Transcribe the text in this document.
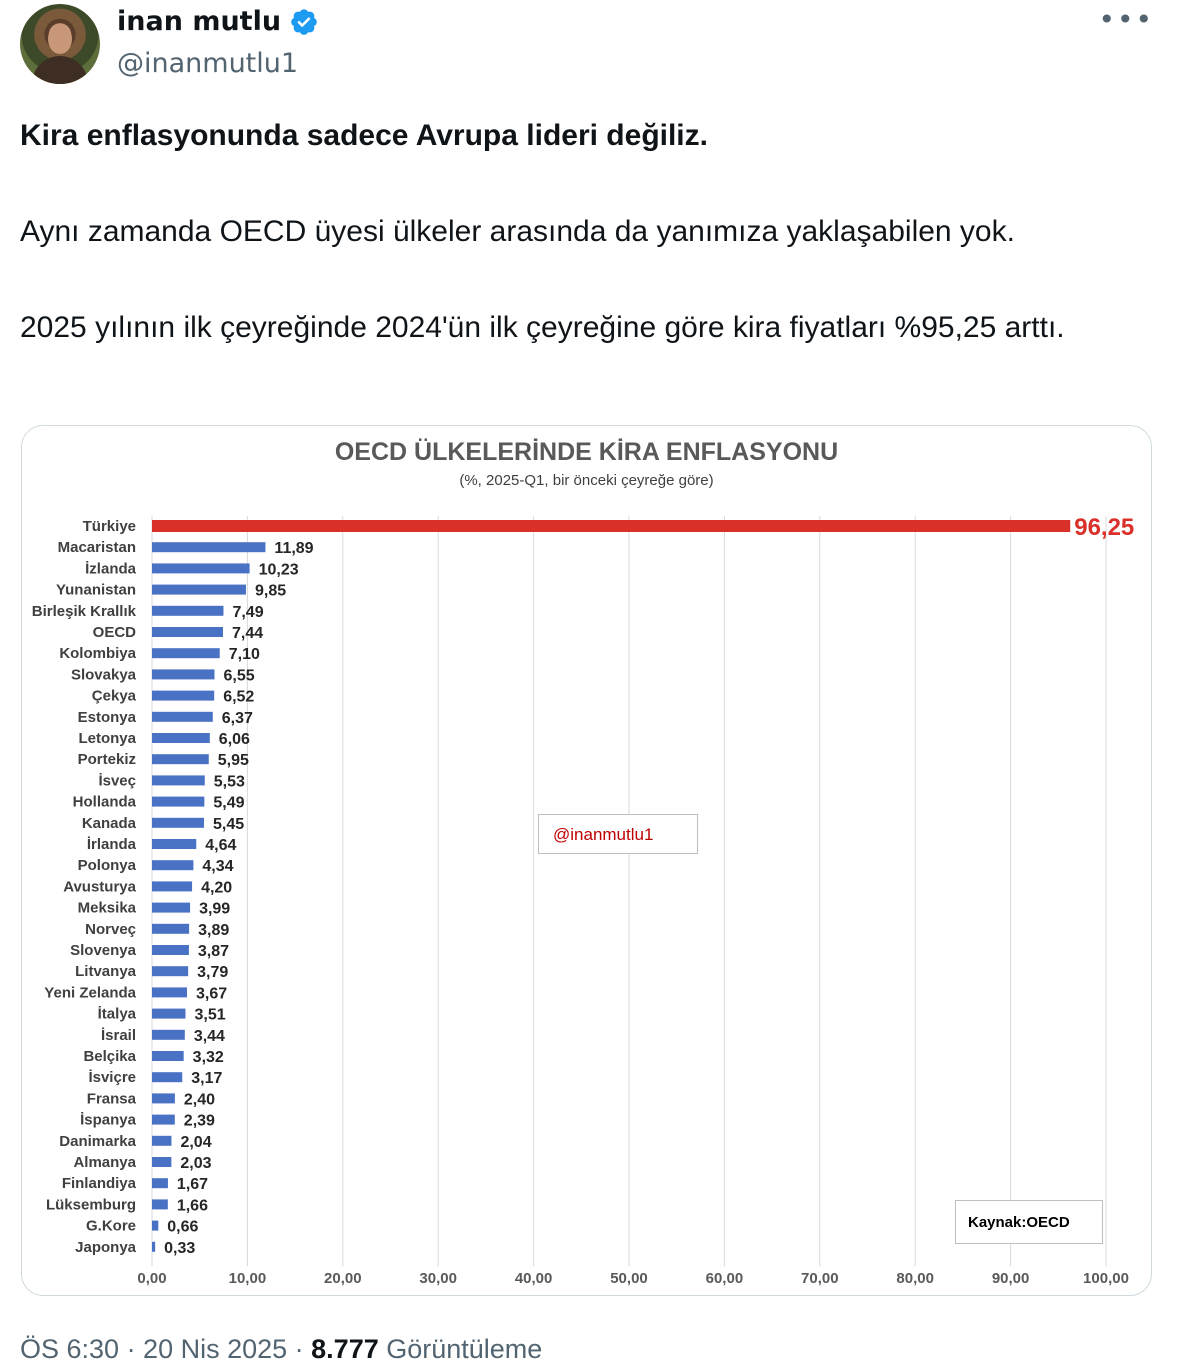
inan mutlu
@inanmutlu1
•••

Kira enflasyonunda sadece Avrupa lideri değiliz.

Aynı zamanda OECD üyesi ülkeler arasında da yanımıza yaklaşabilen yok.

2025 yılının ilk çeyreğinde 2024'ün ilk çeyreğine göre kira fiyatları %95,25 arttı.

OECD ÜLKELERİNDE KİRA ENFLASYONU
(%, 2025-Q1, bir önceki çeyreğe göre)
0,00	10,00	20,00	30,00	40,00	50,00	60,00	70,00	80,00	90,00	100,00
Türkiye	96,25
Macaristan	11,89
İzlanda	10,23
Yunanistan	9,85
Birleşik Krallık	7,49
OECD	7,44
Kolombiya	7,10
Slovakya	6,55
Çekya	6,52
Estonya	6,37
Letonya	6,06
Portekiz	5,95
İsveç	5,53
Hollanda	5,49
Kanada	5,45
İrlanda	4,64
Polonya	4,34
Avusturya	4,20
Meksika	3,99
Norveç	3,89
Slovenya	3,87
Litvanya	3,79
Yeni Zelanda	3,67
İtalya	3,51
İsrail	3,44
Belçika	3,32
İsviçre	3,17
Fransa	2,40
İspanya	2,39
Danimarka	2,04
Almanya	2,03
Finlandiya	1,67
Lüksemburg	1,66
G.Kore 0,66
Japonya 0,33
@inanmutlu1
Kaynak:OECD
ÖS 6:30 · 20 Nis 2025 · 8.777 Görüntüleme
